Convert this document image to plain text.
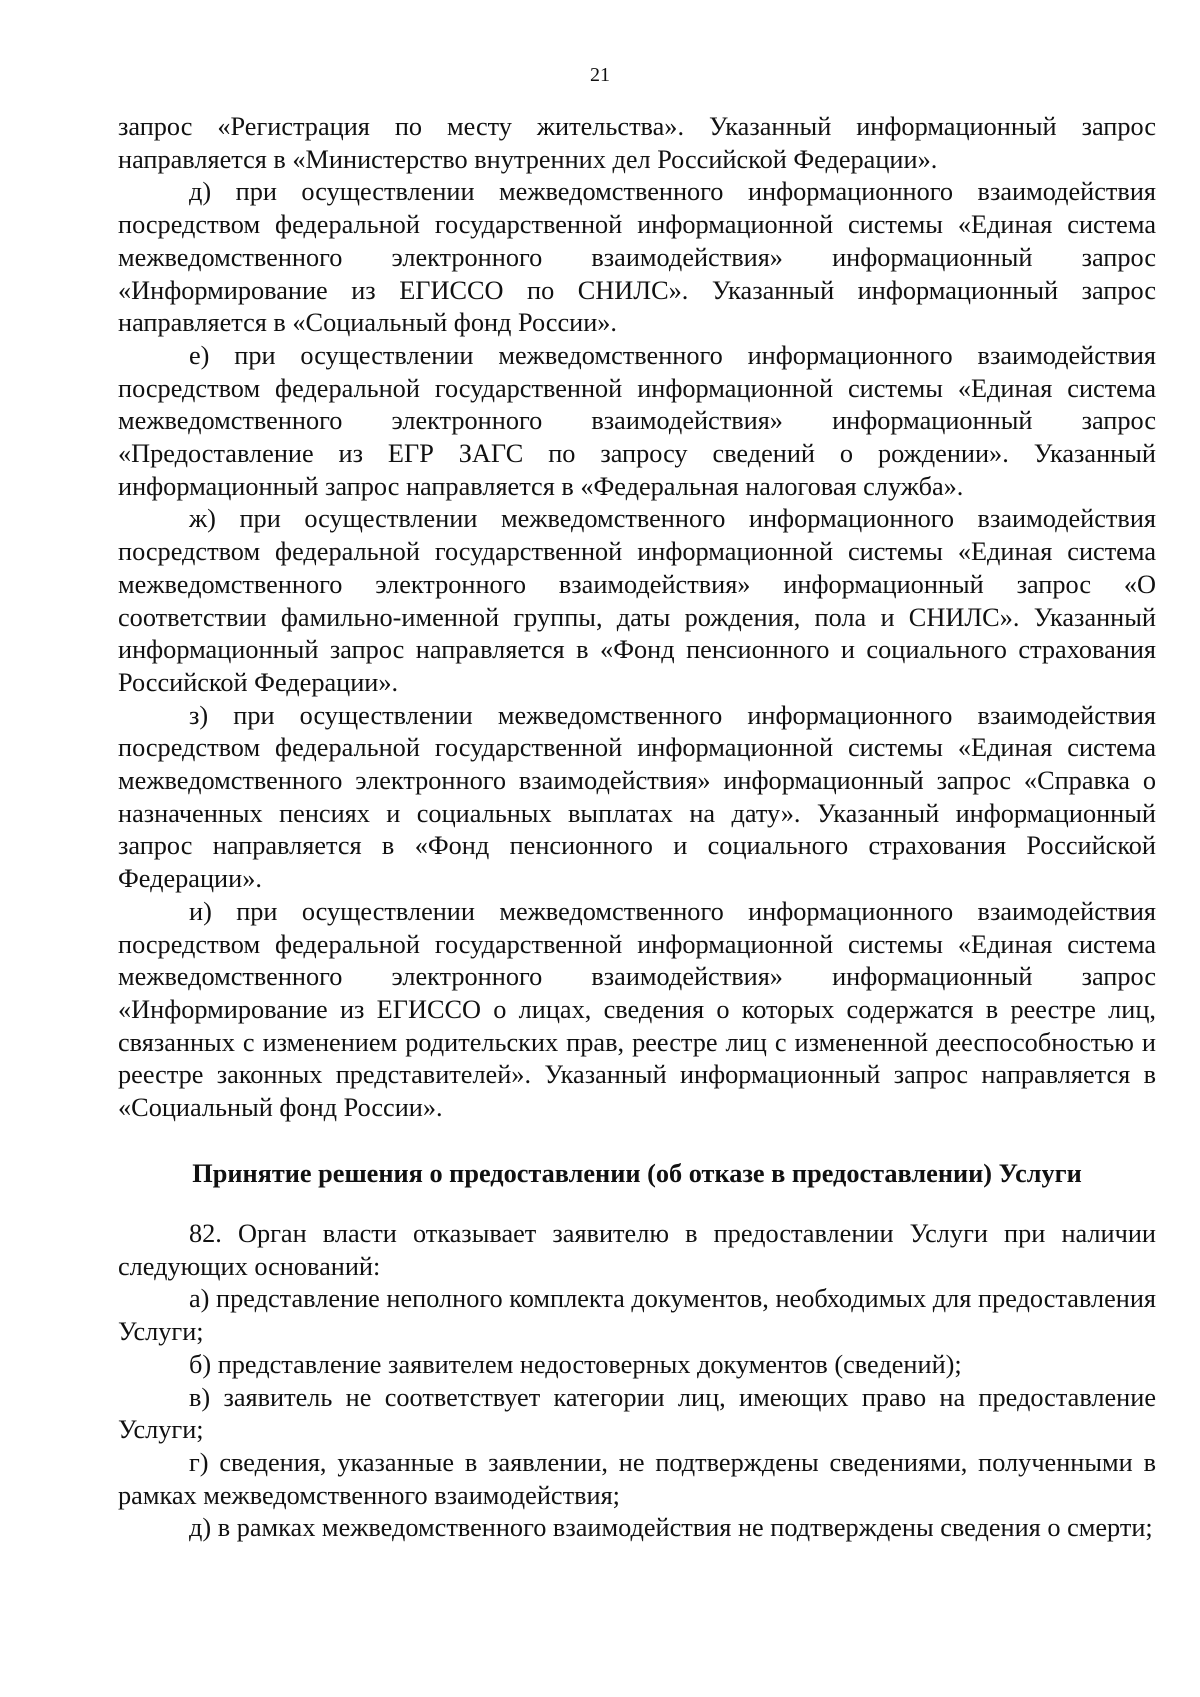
21

запрос «Регистрация по месту жительства». Указанный информационный запрос направляется в «Министерство внутренних дел Российской Федерации».

д) при осуществлении межведомственного информационного взаимодействия посредством федеральной государственной информационной системы «Единая система межведомственного электронного взаимодействия» информационный запрос «Информирование из ЕГИССО по СНИЛС». Указанный информационный запрос направляется в «Социальный фонд России».

е) при осуществлении межведомственного информационного взаимодействия посредством федеральной государственной информационной системы «Единая система межведомственного электронного взаимодействия» информационный запрос «Предоставление из ЕГР ЗАГС по запросу сведений о рождении». Указанный информационный запрос направляется в «Федеральная налоговая служба».

ж) при осуществлении межведомственного информационного взаимодействия посредством федеральной государственной информационной системы «Единая система межведомственного электронного взаимодействия» информационный запрос «О соответствии фамильно-именной группы, даты рождения, пола и СНИЛС». Указанный информационный запрос направляется в «Фонд пенсионного и социального страхования Российской Федерации».

з) при осуществлении межведомственного информационного взаимодействия посредством федеральной государственной информационной системы «Единая система межведомственного электронного взаимодействия» информационный запрос «Справка о назначенных пенсиях и социальных выплатах на дату». Указанный информационный запрос направляется в «Фонд пенсионного и социального страхования Российской Федерации».

и) при осуществлении межведомственного информационного взаимодействия посредством федеральной государственной информационной системы «Единая система межведомственного электронного взаимодействия» информационный запрос «Информирование из ЕГИССО о лицах, сведения о которых содержатся в реестре лиц, связанных с изменением родительских прав, реестре лиц с измененной дееспособностью и реестре законных представителей». Указанный информационный запрос направляется в «Социальный фонд России».

Принятие решения о предоставлении (об отказе в предоставлении) Услуги

82. Орган власти отказывает заявителю в предоставлении Услуги при наличии следующих оснований:

а) представление неполного комплекта документов, необходимых для предоставления Услуги;

б) представление заявителем недостоверных документов (сведений);

в) заявитель не соответствует категории лиц, имеющих право на предоставление Услуги;

г) сведения, указанные в заявлении, не подтверждены сведениями, полученными в рамках межведомственного взаимодействия;

д) в рамках межведомственного взаимодействия не подтверждены сведения о смерти;
